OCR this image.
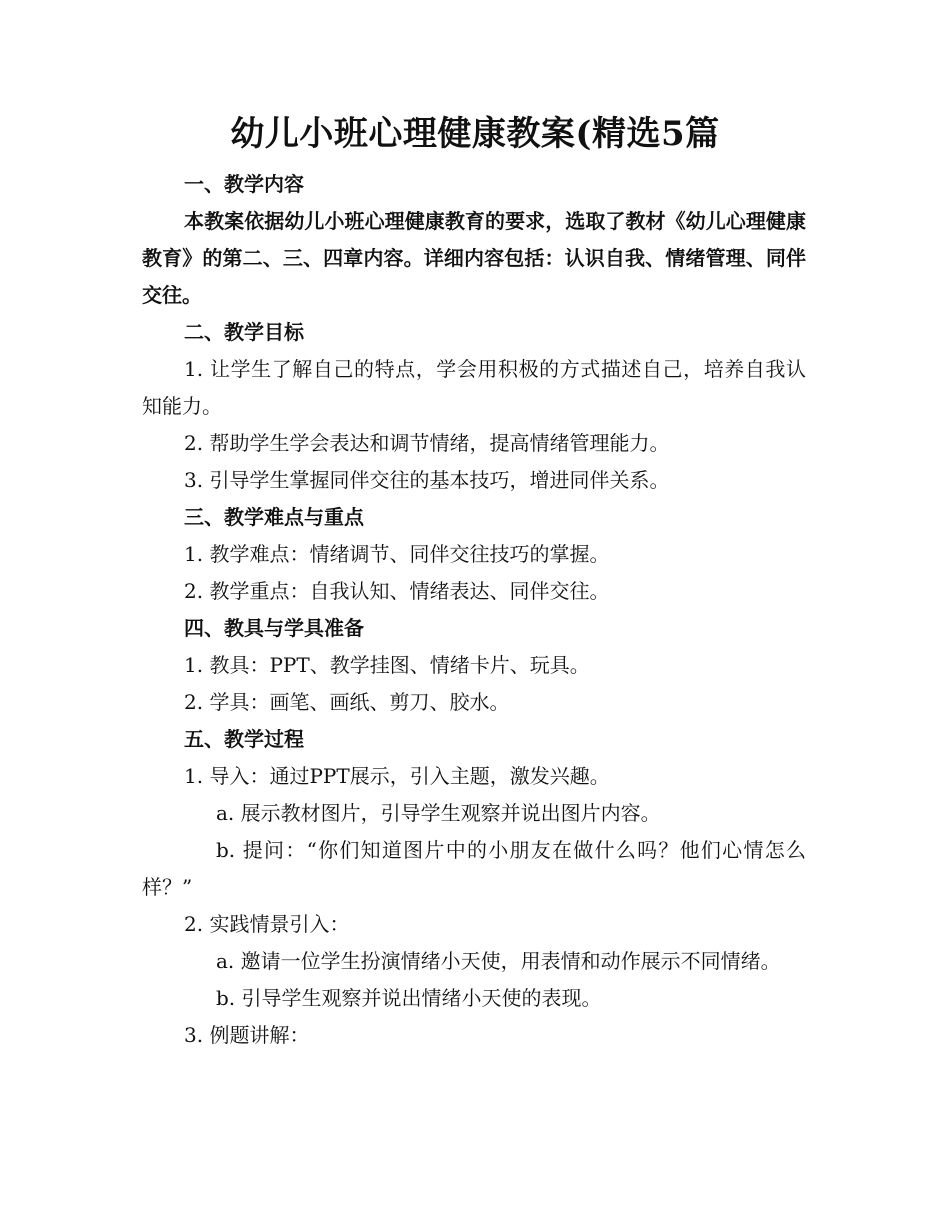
幼儿小班心理健康教案(精选5篇

一、教学内容

本教案依据幼儿小班心理健康教育的要求，选取了教材《幼儿心理健康教育》的第二、三、四章内容。详细内容包括：认识自我、情绪管理、同伴交往。

二、教学目标

1. 让学生了解自己的特点，学会用积极的方式描述自己，培养自我认知能力。

2. 帮助学生学会表达和调节情绪，提高情绪管理能力。

3. 引导学生掌握同伴交往的基本技巧，增进同伴关系。

三、教学难点与重点

1. 教学难点：情绪调节、同伴交往技巧的掌握。

2. 教学重点：自我认知、情绪表达、同伴交往。

四、教具与学具准备

1. 教具：PPT、教学挂图、情绪卡片、玩具。

2. 学具：画笔、画纸、剪刀、胶水。

五、教学过程

1. 导入：通过PPT展示，引入主题，激发兴趣。

a. 展示教材图片，引导学生观察并说出图片内容。

b. 提问：“你们知道图片中的小朋友在做什么吗？他们心情怎么样？”

2. 实践情景引入：

a. 邀请一位学生扮演情绪小天使，用表情和动作展示不同情绪。

b. 引导学生观察并说出情绪小天使的表现。

3. 例题讲解：
